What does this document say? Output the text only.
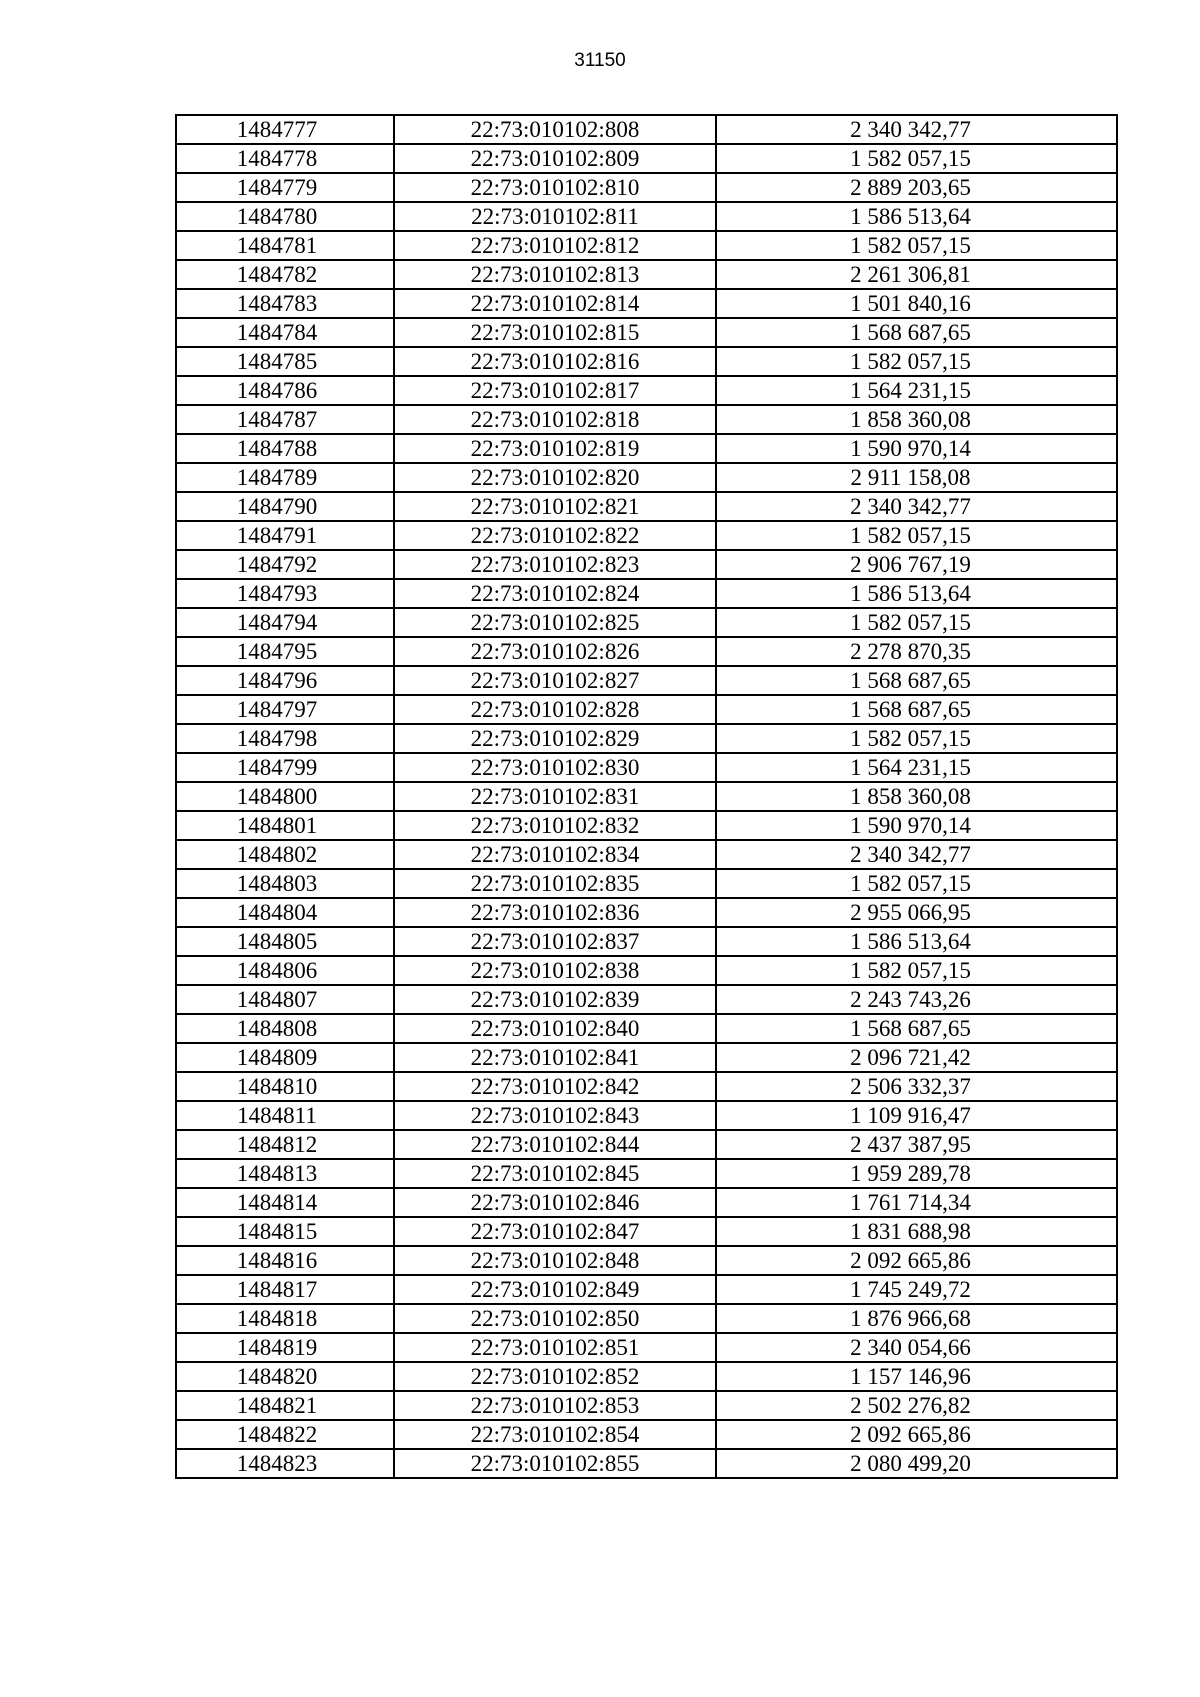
31150
1484777	22:73:010102:808	2 340 342,77
1484778	22:73:010102:809	1 582 057,15
1484779	22:73:010102:810	2 889 203,65
1484780	22:73:010102:811	1 586 513,64
1484781	22:73:010102:812	1 582 057,15
1484782	22:73:010102:813	2 261 306,81
1484783	22:73:010102:814	1 501 840,16
1484784	22:73:010102:815	1 568 687,65
1484785	22:73:010102:816	1 582 057,15
1484786	22:73:010102:817	1 564 231,15
1484787	22:73:010102:818	1 858 360,08
1484788	22:73:010102:819	1 590 970,14
1484789	22:73:010102:820	2 911 158,08
1484790	22:73:010102:821	2 340 342,77
1484791	22:73:010102:822	1 582 057,15
1484792	22:73:010102:823	2 906 767,19
1484793	22:73:010102:824	1 586 513,64
1484794	22:73:010102:825	1 582 057,15
1484795	22:73:010102:826	2 278 870,35
1484796	22:73:010102:827	1 568 687,65
1484797	22:73:010102:828	1 568 687,65
1484798	22:73:010102:829	1 582 057,15
1484799	22:73:010102:830	1 564 231,15
1484800	22:73:010102:831	1 858 360,08
1484801	22:73:010102:832	1 590 970,14
1484802	22:73:010102:834	2 340 342,77
1484803	22:73:010102:835	1 582 057,15
1484804	22:73:010102:836	2 955 066,95
1484805	22:73:010102:837	1 586 513,64
1484806	22:73:010102:838	1 582 057,15
1484807	22:73:010102:839	2 243 743,26
1484808	22:73:010102:840	1 568 687,65
1484809	22:73:010102:841	2 096 721,42
1484810	22:73:010102:842	2 506 332,37
1484811	22:73:010102:843	1 109 916,47
1484812	22:73:010102:844	2 437 387,95
1484813	22:73:010102:845	1 959 289,78
1484814	22:73:010102:846	1 761 714,34
1484815	22:73:010102:847	1 831 688,98
1484816	22:73:010102:848	2 092 665,86
1484817	22:73:010102:849	1 745 249,72
1484818	22:73:010102:850	1 876 966,68
1484819	22:73:010102:851	2 340 054,66
1484820	22:73:010102:852	1 157 146,96
1484821	22:73:010102:853	2 502 276,82
1484822	22:73:010102:854	2 092 665,86
1484823	22:73:010102:855	2 080 499,20
